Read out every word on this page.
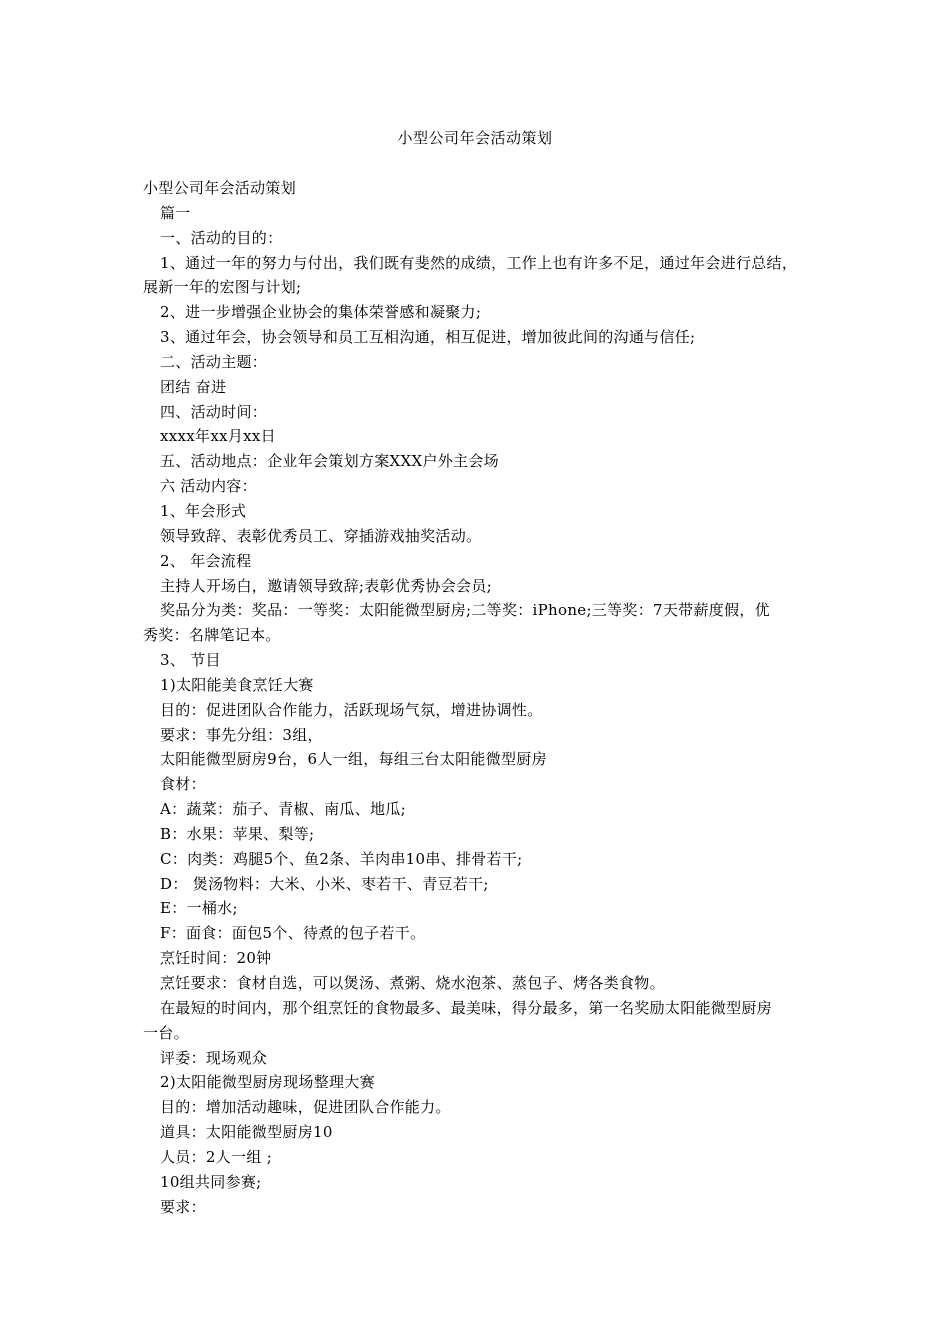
小型公司年会活动策划
小型公司年会活动策划
篇一
一、活动的目的：
1、通过一年的努力与付出，我们既有斐然的成绩，工作上也有许多不足，通过年会进行总结，
展新一年的宏图与计划;
2、进一步增强企业协会的集体荣誉感和凝聚力;
3、通过年会，协会领导和员工互相沟通，相互促进，增加彼此间的沟通与信任;
二、活动主题：
团结 奋进
四、活动时间：
xxxx年xx月xx日
五、活动地点：企业年会策划方案XXX户外主会场
六 活动内容：
1、年会形式
领导致辞、表彰优秀员工、穿插游戏抽奖活动。
2、 年会流程
主持人开场白，邀请领导致辞;表彰优秀协会会员;
奖品分为类：奖品：一等奖：太阳能微型厨房;二等奖：iPhone;三等奖：7天带薪度假，优
秀奖：名牌笔记本。
3、 节目
1)太阳能美食烹饪大赛
目的：促进团队合作能力，活跃现场气氛，增进协调性。
要求：事先分组：3组，
太阳能微型厨房9台，6人一组，每组三台太阳能微型厨房
食材：
A：蔬菜：茄子、青椒、南瓜、地瓜;
B：水果：苹果、梨等;
C：肉类：鸡腿5个、鱼2条、羊肉串10串、排骨若干;
D： 煲汤物料：大米、小米、枣若干、青豆若干;
E：一桶水;
F：面食：面包5个、待煮的包子若干。
烹饪时间：20钟
烹饪要求：食材自选，可以煲汤、煮粥、烧水泡茶、蒸包子、烤各类食物。
在最短的时间内，那个组烹饪的食物最多、最美味，得分最多，第一名奖励太阳能微型厨房
一台。
评委：现场观众
2)太阳能微型厨房现场整理大赛
目的：增加活动趣味，促进团队合作能力。
道具：太阳能微型厨房10
人员：2人一组 ;
10组共同参赛;
要求：
